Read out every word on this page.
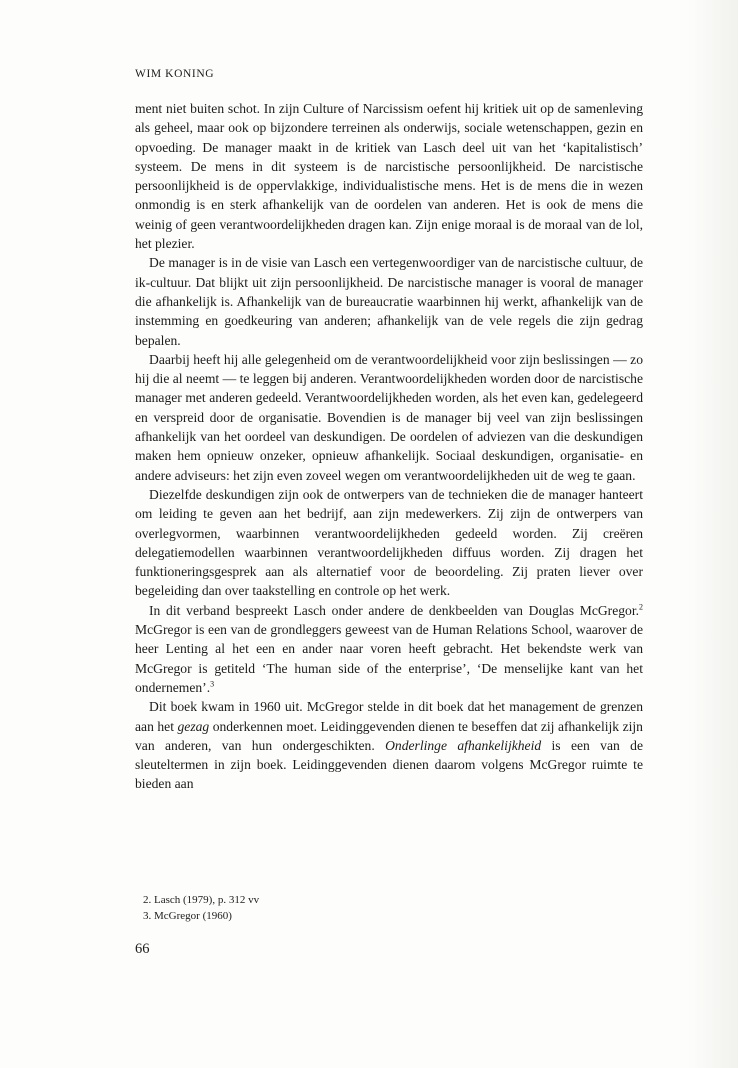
WIM KONING

ment niet buiten schot. In zijn Culture of Narcissism oefent hij kritiek uit op de samenleving als geheel, maar ook op bijzondere terreinen als onderwijs, sociale wetenschappen, gezin en opvoeding. De manager maakt in de kritiek van Lasch deel uit van het ‘kapitalistisch’ systeem. De mens in dit systeem is de narcistische persoonlijkheid. De narcistische persoonlijkheid is de oppervlakkige, individualistische mens. Het is de mens die in wezen onmondig is en sterk afhankelijk van de oordelen van anderen. Het is ook de mens die weinig of geen verantwoordelijkheden dragen kan. Zijn enige moraal is de moraal van de lol, het plezier.

De manager is in de visie van Lasch een vertegenwoordiger van de narcistische cultuur, de ik-cultuur. Dat blijkt uit zijn persoonlijkheid. De narcistische manager is vooral de manager die afhankelijk is. Afhankelijk van de bureaucratie waarbinnen hij werkt, afhankelijk van de instemming en goedkeuring van anderen; afhankelijk van de vele regels die zijn gedrag bepalen.

Daarbij heeft hij alle gelegenheid om de verantwoordelijkheid voor zijn beslissingen — zo hij die al neemt — te leggen bij anderen. Verantwoordelijkheden worden door de narcistische manager met anderen gedeeld. Verantwoordelijkheden worden, als het even kan, gedelegeerd en verspreid door de organisatie. Bovendien is de manager bij veel van zijn beslissingen afhankelijk van het oordeel van deskundigen. De oordelen of adviezen van die deskundigen maken hem opnieuw onzeker, opnieuw afhankelijk. Sociaal deskundigen, organisatie- en andere adviseurs: het zijn even zoveel wegen om verantwoordelijkheden uit de weg te gaan.

Diezelfde deskundigen zijn ook de ontwerpers van de technieken die de manager hanteert om leiding te geven aan het bedrijf, aan zijn medewerkers. Zij zijn de ontwerpers van overlegvormen, waarbinnen verantwoordelijkheden gedeeld worden. Zij creëren delegatiemodellen waarbinnen verantwoordelijkheden diffuus worden. Zij dragen het funktioneringsgesprek aan als alternatief voor de beoordeling. Zij praten liever over begeleiding dan over taakstelling en controle op het werk.

In dit verband bespreekt Lasch onder andere de denkbeelden van Douglas McGregor.$^2$ McGregor is een van de grondleggers geweest van de Human Relations School, waarover de heer Lenting al het een en ander naar voren heeft gebracht. Het bekendste werk van McGregor is getiteld ‘The human side of the enterprise’, ‘De menselijke kant van het ondernemen’.$^3$

Dit boek kwam in 1960 uit. McGregor stelde in dit boek dat het management de grenzen aan het gezag onderkennen moet. Leidinggevenden dienen te beseffen dat zij afhankelijk zijn van anderen, van hun ondergeschikten. Onderlinge afhankelijkheid is een van de sleuteltermen in zijn boek. Leidinggevenden dienen daarom volgens McGregor ruimte te bieden aan

2. Lasch (1979), p. 312 vv
3. McGregor (1960)
66
